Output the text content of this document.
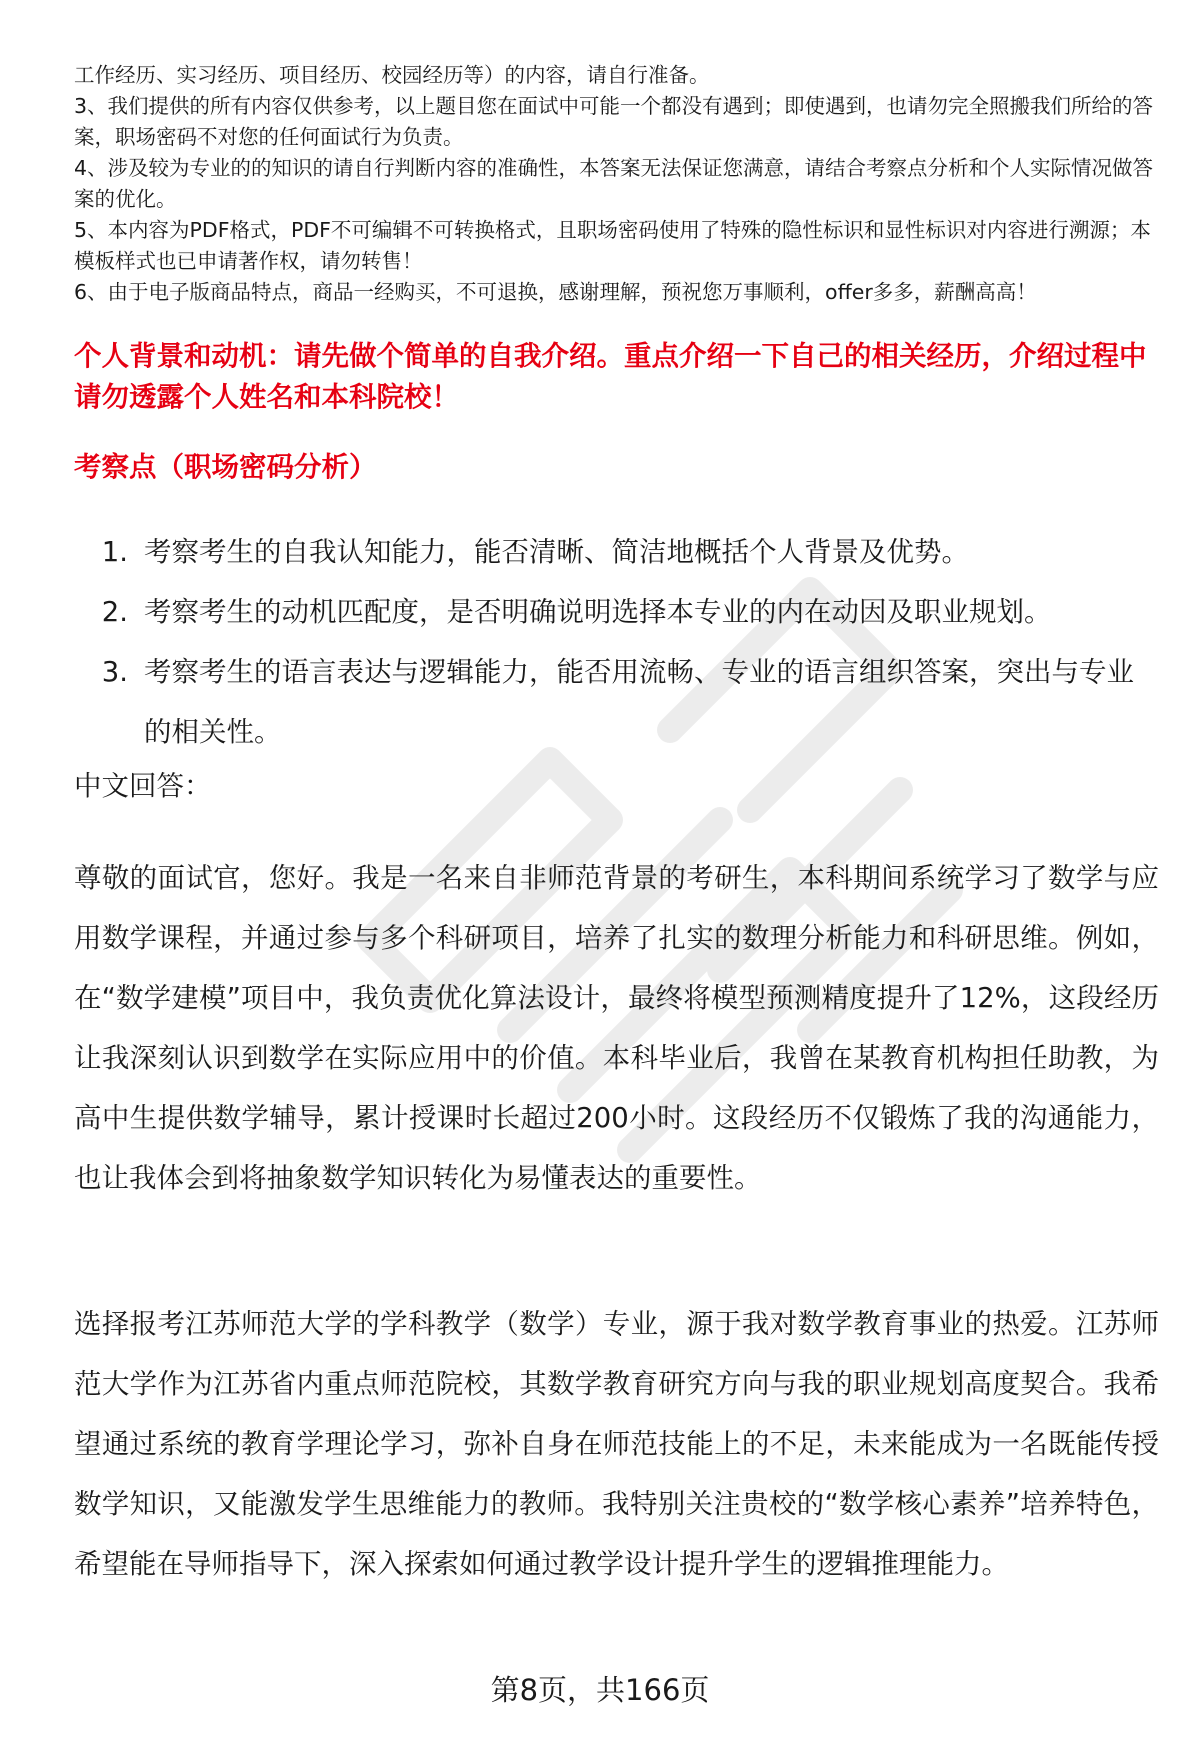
工作经历、实习经历、项目经历、校园经历等）的内容，请自行准备。

3、我们提供的所有内容仅供参考，以上题目您在面试中可能一个都没有遇到；即使遇到，也请勿完全照搬我们所给的答案，职场密码不对您的任何面试行为负责。

4、涉及较为专业的的知识的请自行判断内容的准确性，本答案无法保证您满意，请结合考察点分析和个人实际情况做答案的优化。

5、本内容为PDF格式，PDF不可编辑不可转换格式，且职场密码使用了特殊的隐性标识和显性标识对内容进行溯源；本模板样式也已申请著作权，请勿转售！

6、由于电子版商品特点，商品一经购买，不可退换，感谢理解，预祝您万事顺利，offer多多，薪酬高高！

个人背景和动机：请先做个简单的自我介绍。重点介绍一下自己的相关经历，介绍过程中请勿透露个人姓名和本科院校！
考察点（职场密码分析）
1. 考察考生的自我认知能力，能否清晰、简洁地概括个人背景及优势。
2. 考察考生的动机匹配度，是否明确说明选择本专业的内在动因及职业规划。
3. 考察考生的语言表达与逻辑能力，能否用流畅、专业的语言组织答案，突出与专业的相关性。

中文回答：

尊敬的面试官，您好。我是一名来自非师范背景的考研生，本科期间系统学习了数学与应用数学课程，并通过参与多个科研项目，培养了扎实的数理分析能力和科研思维。例如，在“数学建模”项目中，我负责优化算法设计，最终将模型预测精度提升了12%，这段经历让我深刻认识到数学在实际应用中的价值。本科毕业后，我曾在某教育机构担任助教，为高中生提供数学辅导，累计授课时长超过200小时。这段经历不仅锻炼了我的沟通能力，也让我体会到将抽象数学知识转化为易懂表达的重要性。

选择报考江苏师范大学的学科教学（数学）专业，源于我对数学教育事业的热爱。江苏师范大学作为江苏省内重点师范院校，其数学教育研究方向与我的职业规划高度契合。我希望通过系统的教育学理论学习，弥补自身在师范技能上的不足，未来能成为一名既能传授数学知识，又能激发学生思维能力的教师。我特别关注贵校的“数学核心素养”培养特色，希望能在导师指导下，深入探索如何通过教学设计提升学生的逻辑推理能力。

第8页，共166页
